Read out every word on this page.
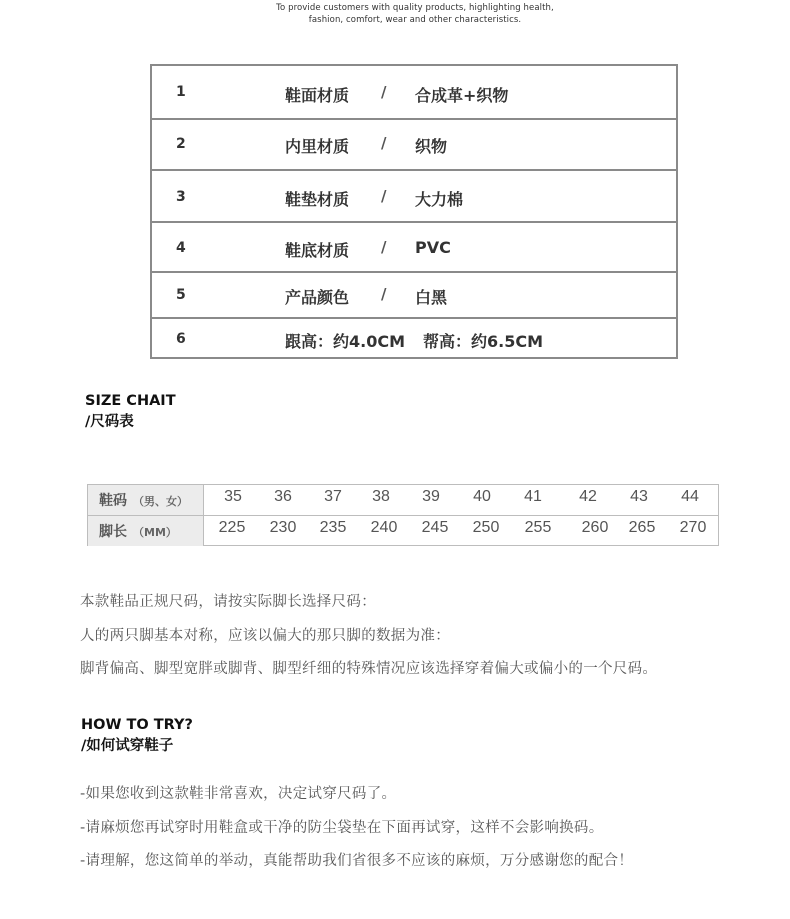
To provide customers with quality products, highlighting health,
fashion, comfort, wear and other characteristics.
1	鞋面材质 / 合成革+织物
2	内里材质 / 织物
3	鞋垫材质 / 大力棉
4	鞋底材质 / PVC
5	产品颜色 / 白黑
6	跟高：约4.0CM 帮高：约6.5CM
SIZE CHAIT
/尺码表
鞋码 （男、女）	35	36	37	38	39	40	41	42	43	44
脚长 （MM）	225	230	235	240	245	250	255	260	265	270
本款鞋品正规尺码，请按实际脚长选择尺码：
人的两只脚基本对称，应该以偏大的那只脚的数据为准：
脚背偏高、脚型宽胖或脚背、脚型纤细的特殊情况应该选择穿着偏大或偏小的一个尺码。
HOW TO TRY?
/如何试穿鞋子
-如果您收到这款鞋非常喜欢，决定试穿尺码了。
-请麻烦您再试穿时用鞋盒或干净的防尘袋垫在下面再试穿，这样不会影响换码。
-请理解，您这简单的举动，真能帮助我们省很多不应该的麻烦，万分感谢您的配合！
